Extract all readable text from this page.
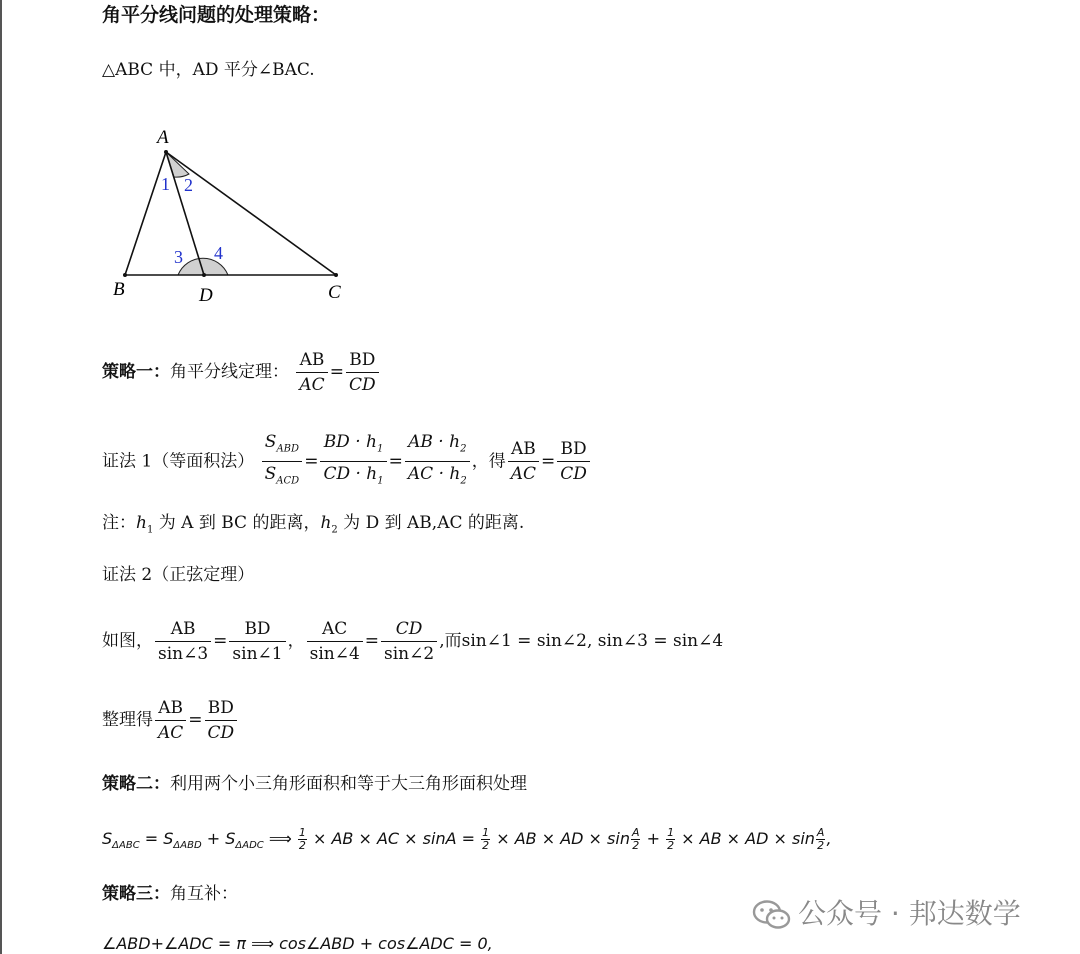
角平分线问题的处理策略：
△ABC 中，AD 平分∠BAC.
A
B	D	C
1 2
3 4
策略一：角平分线定理： $\frac{AB}{AC} = \frac{BD}{CD}$
证法 1（等面积法） $\frac{S_{ABD}}{S_{ACD}} = \frac{BD \cdot h_1}{CD \cdot h_1} = \frac{AB \cdot h_2}{AC \cdot h_2}$ ，得 $\frac{AB}{AC} = \frac{BD}{CD}$
注：$h_1$ 为 A 到 BC 的距离，$h_2$ 为 D 到 AB,AC 的距离.
证法 2（正弦定理）
如图， $\frac{AB}{\sin\angle 3} = \frac{BD}{\sin\angle 1}$ ， $\frac{AC}{\sin\angle 4} = \frac{CD}{\sin\angle 2}$ ,而sin∠1 = sin∠2, sin∠3 = sin∠4
整理得 $\frac{AB}{AC} = \frac{BD}{CD}$
策略二：利用两个小三角形面积和等于大三角形面积处理
$S_{\Delta ABC} = S_{\Delta ABD} + S_{\Delta ADC}$ ⟹ $\frac{1}{2}$ × AB × AC × $\sin A = \frac{1}{2}$ × AB × AD × $\sin \frac{A}{2} + \frac{1}{2}$ × AB × AD × $\sin \frac{A}{2}$ ,
策略三：角互补：
∠ABD+∠ADC = π ⟹ cos∠ABD + cos∠ADC = 0,
公众号 · 邦达数学
